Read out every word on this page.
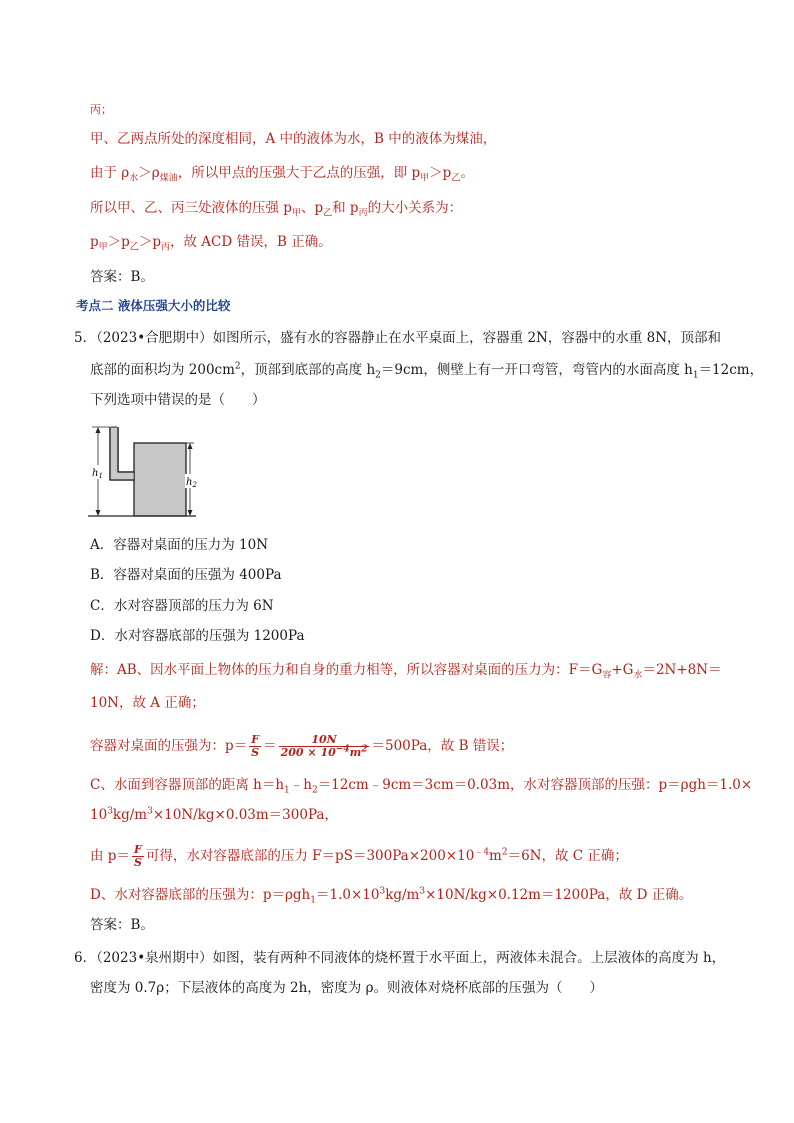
丙；
甲、乙两点所处的深度相同，A 中的液体为水，B 中的液体为煤油，
由于 $\rho_水>\rho_{煤油}$，所以甲点的压强大于乙点的压强，即 $p_甲>p_乙$。
所以甲、乙、丙三处液体的压强 $p_甲$、$p_乙$和 $p_丙$的大小关系为：
$p_甲>p_乙>p_丙$，故 ACD 错误，B 正确。
答案：B。
考点二 液体压强大小的比较
5．（2023•合肥期中）如图所示，盛有水的容器静止在水平桌面上，容器重 2N，容器中的水重 8N，顶部和
底部的面积均为 $200cm^2$，顶部到底部的高度 $h_2=9cm$，侧壁上有一开口弯管，弯管内的水面高度 $h_1=12cm$，
下列选项中错误的是（　　）
$h_1$
$h_2$
A．容器对桌面的压力为 10N
B．容器对桌面的压强为 400Pa
C．水对容器顶部的压力为 6N
D．水对容器底部的压强为 1200Pa
解：AB、因水平面上物体的压力和自身的重力相等，所以容器对桌面的压力为：$F=G_容+G_水=2N+8N=$
10N，故 A 正确；
容器对桌面的压强为：$p= \frac{F}{S} = \frac{10N}{200 \times 10^{-4}m^2} =500Pa$，故 B 错误；
C、水面到容器顶部的距离 $h=h_1﹣h_2=12cm﹣9cm=3cm=0.03m$，水对容器顶部的压强：p＝ρgh＝1.0×
$10^3kg/m^3\times 10N/kg\times 0.03m=300Pa$，
由 $p= \frac{F}{S}$ 可得，水对容器底部的压力 $F=pS=300Pa\times 200\times 10^{﹣4}m^2=6N$，故 C 正确；
D、水对容器底部的压强为：$p=\rho gh_1=1.0\times 10^3kg/m^3\times 10N/kg\times 0.12m=1200Pa$，故 D 正确。
答案：B。
6．（2023•泉州期中）如图，装有两种不同液体的烧杯置于水平面上，两液体未混合。上层液体的高度为 h，
密度为 0.7ρ；下层液体的高度为 2h，密度为 ρ。则液体对烧杯底部的压强为（　　）
